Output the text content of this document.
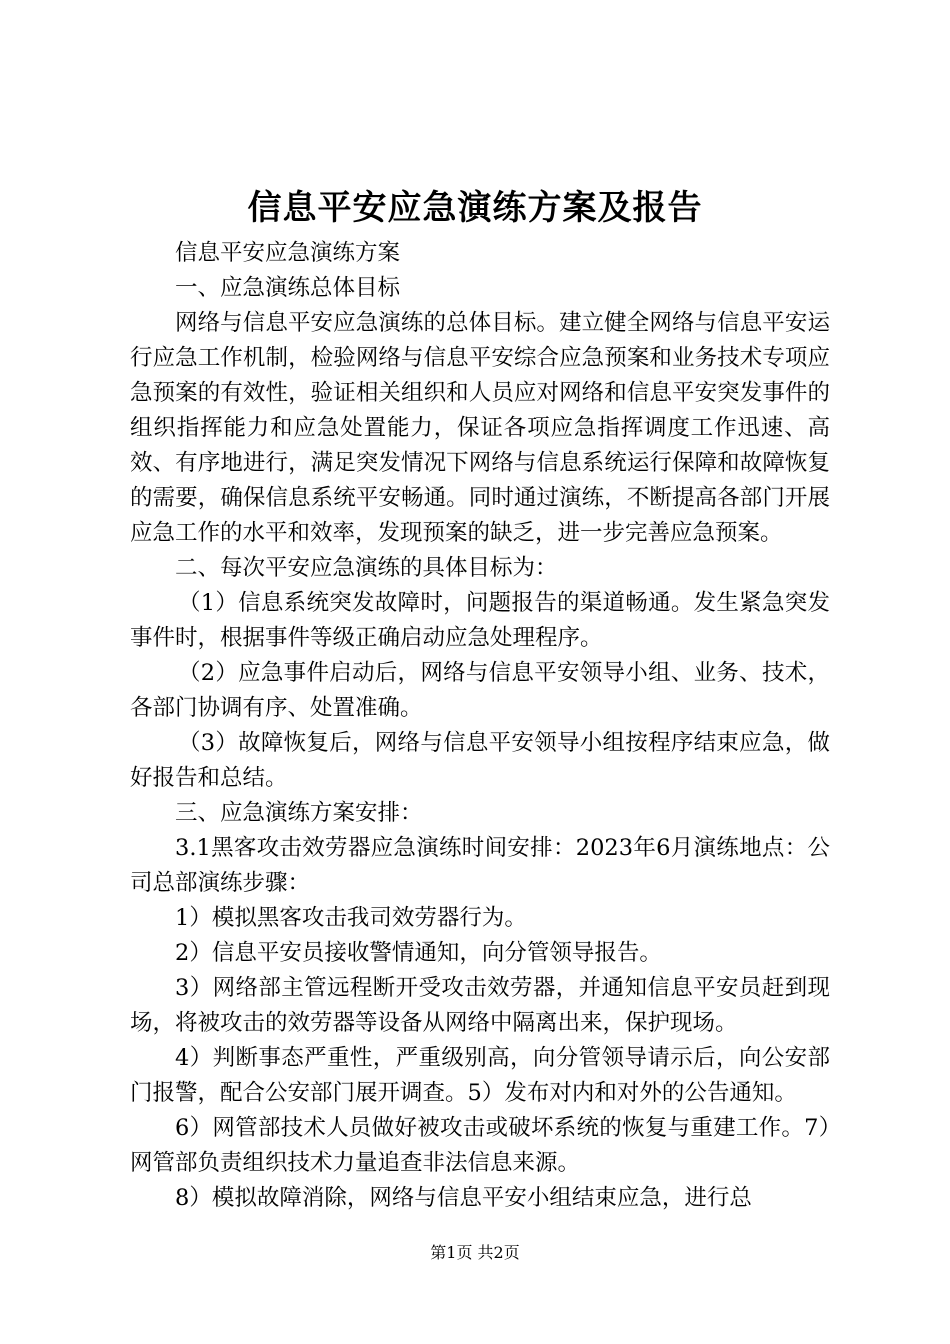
信息平安应急演练方案及报告

信息平安应急演练方案

一、应急演练总体目标

网络与信息平安应急演练的总体目标。建立健全网络与信息平安运行应急工作机制，检验网络与信息平安综合应急预案和业务技术专项应急预案的有效性，验证相关组织和人员应对网络和信息平安突发事件的组织指挥能力和应急处置能力，保证各项应急指挥调度工作迅速、高效、有序地进行，满足突发情况下网络与信息系统运行保障和故障恢复的需要，确保信息系统平安畅通。同时通过演练，不断提高各部门开展应急工作的水平和效率，发现预案的缺乏，进一步完善应急预案。

二、每次平安应急演练的具体目标为：

（1）信息系统突发故障时，问题报告的渠道畅通。发生紧急突发事件时，根据事件等级正确启动应急处理程序。

（2）应急事件启动后，网络与信息平安领导小组、业务、技术，各部门协调有序、处置准确。

（3）故障恢复后，网络与信息平安领导小组按程序结束应急，做好报告和总结。

三、应急演练方案安排：

3.1黑客攻击效劳器应急演练时间安排：2023年6月演练地点：公司总部演练步骤：

1）模拟黑客攻击我司效劳器行为。

2）信息平安员接收警情通知，向分管领导报告。

3）网络部主管远程断开受攻击效劳器，并通知信息平安员赶到现场，将被攻击的效劳器等设备从网络中隔离出来，保护现场。

4）判断事态严重性，严重级别高，向分管领导请示后，向公安部门报警，配合公安部门展开调查。5）发布对内和对外的公告通知。

6）网管部技术人员做好被攻击或破坏系统的恢复与重建工作。7）网管部负责组织技术力量追查非法信息来源。

8）模拟故障消除，网络与信息平安小组结束应急，进行总

第1页 共2页
